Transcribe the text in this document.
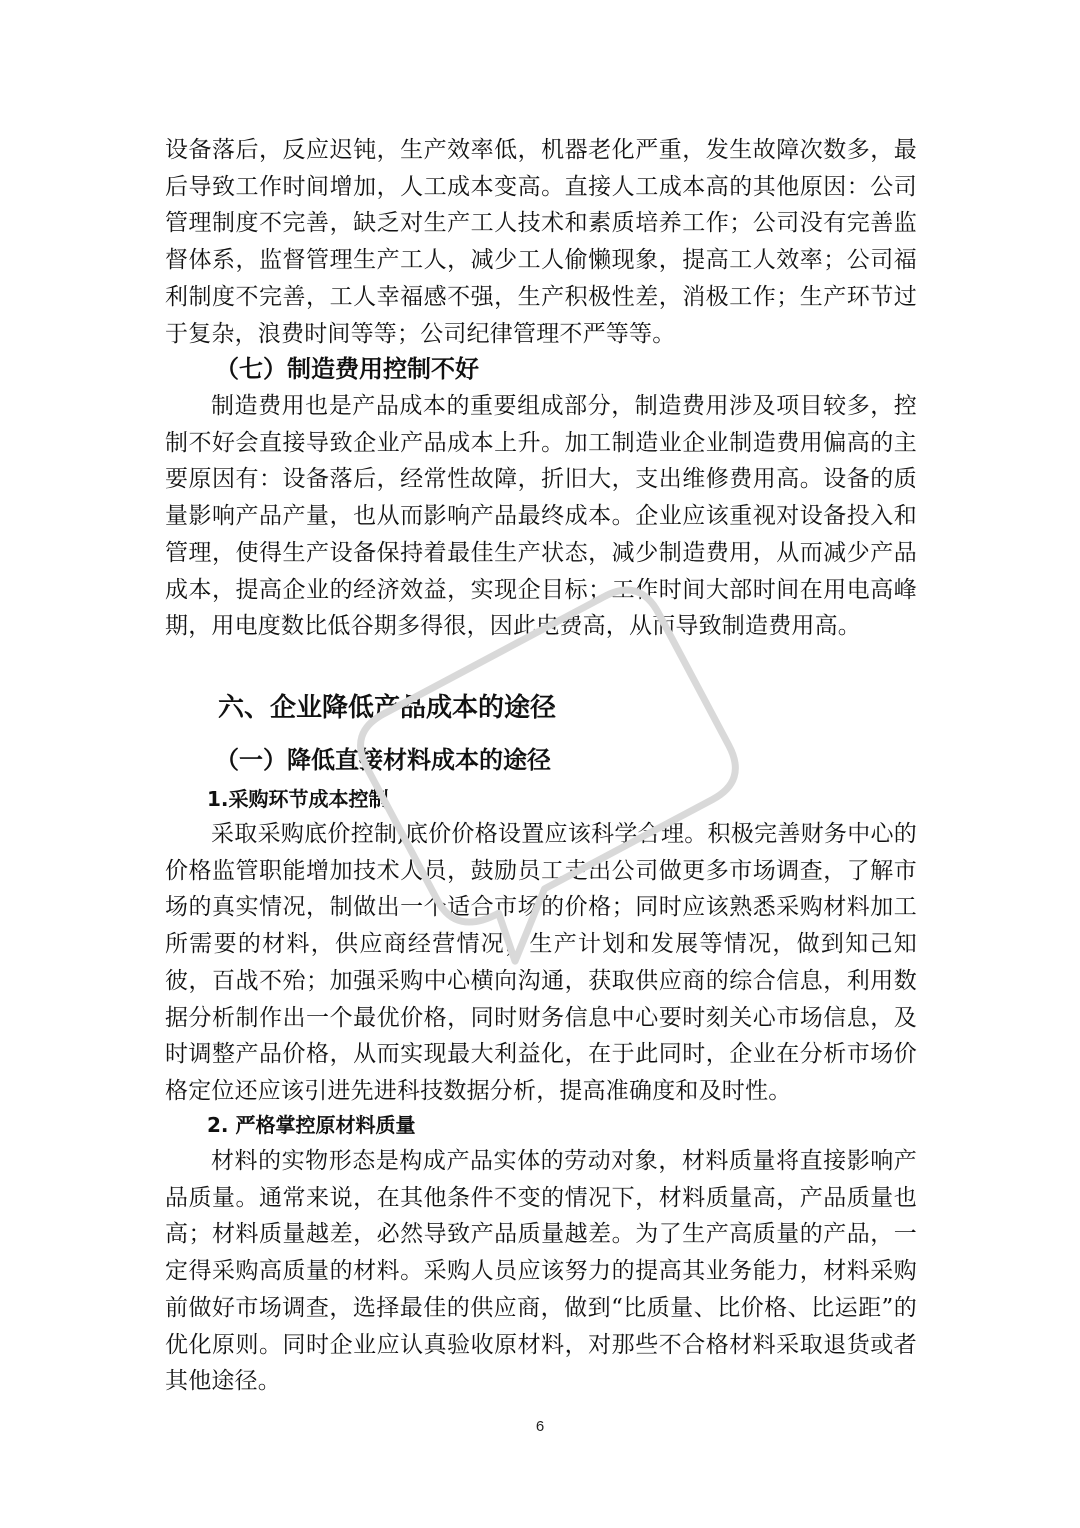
设备落后，反应迟钝，生产效率低，机器老化严重，发生故障次数多，最后导致工作时间增加，人工成本变高。直接人工成本高的其他原因：公司管理制度不完善，缺乏对生产工人技术和素质培养工作；公司没有完善监督体系，监督管理生产工人，减少工人偷懒现象，提高工人效率；公司福利制度不完善，工人幸福感不强，生产积极性差，消极工作；生产环节过于复杂，浪费时间等等；公司纪律管理不严等等。

（七）制造费用控制不好

制造费用也是产品成本的重要组成部分，制造费用涉及项目较多，控制不好会直接导致企业产品成本上升。加工制造业企业制造费用偏高的主要原因有：设备落后，经常性故障，折旧大，支出维修费用高。设备的质量影响产品产量，也从而影响产品最终成本。企业应该重视对设备投入和管理，使得生产设备保持着最佳生产状态，减少制造费用，从而减少产品成本，提高企业的经济效益，实现企目标；工作时间大部时间在用电高峰期，用电度数比低谷期多得很，因此电费高，从而导致制造费用高。

六、企业降低产品成本的途径
（一）降低直接材料成本的途径
1.采购环节成本控制

采取采购底价控制,底价价格设置应该科学合理。积极完善财务中心的价格监管职能增加技术人员，鼓励员工走出公司做更多市场调查，了解市场的真实情况，制做出一个适合市场的价格；同时应该熟悉采购材料加工所需要的材料，供应商经营情况，生产计划和发展等情况，做到知己知彼，百战不殆；加强采购中心横向沟通，获取供应商的综合信息，利用数据分析制作出一个最优价格，同时财务信息中心要时刻关心市场信息，及时调整产品价格，从而实现最大利益化，在于此同时，企业在分析市场价格定位还应该引进先进科技数据分析，提高准确度和及时性。

2. 严格掌控原材料质量

材料的实物形态是构成产品实体的劳动对象，材料质量将直接影响产品质量。通常来说，在其他条件不变的情况下，材料质量高，产品质量也高；材料质量越差，必然导致产品质量越差。为了生产高质量的产品，一定得采购高质量的材料。采购人员应该努力的提高其业务能力，材料采购前做好市场调查，选择最佳的供应商，做到“比质量、比价格、比运距”的优化原则。同时企业应认真验收原材料，对那些不合格材料采取退货或者其他途径。

6
